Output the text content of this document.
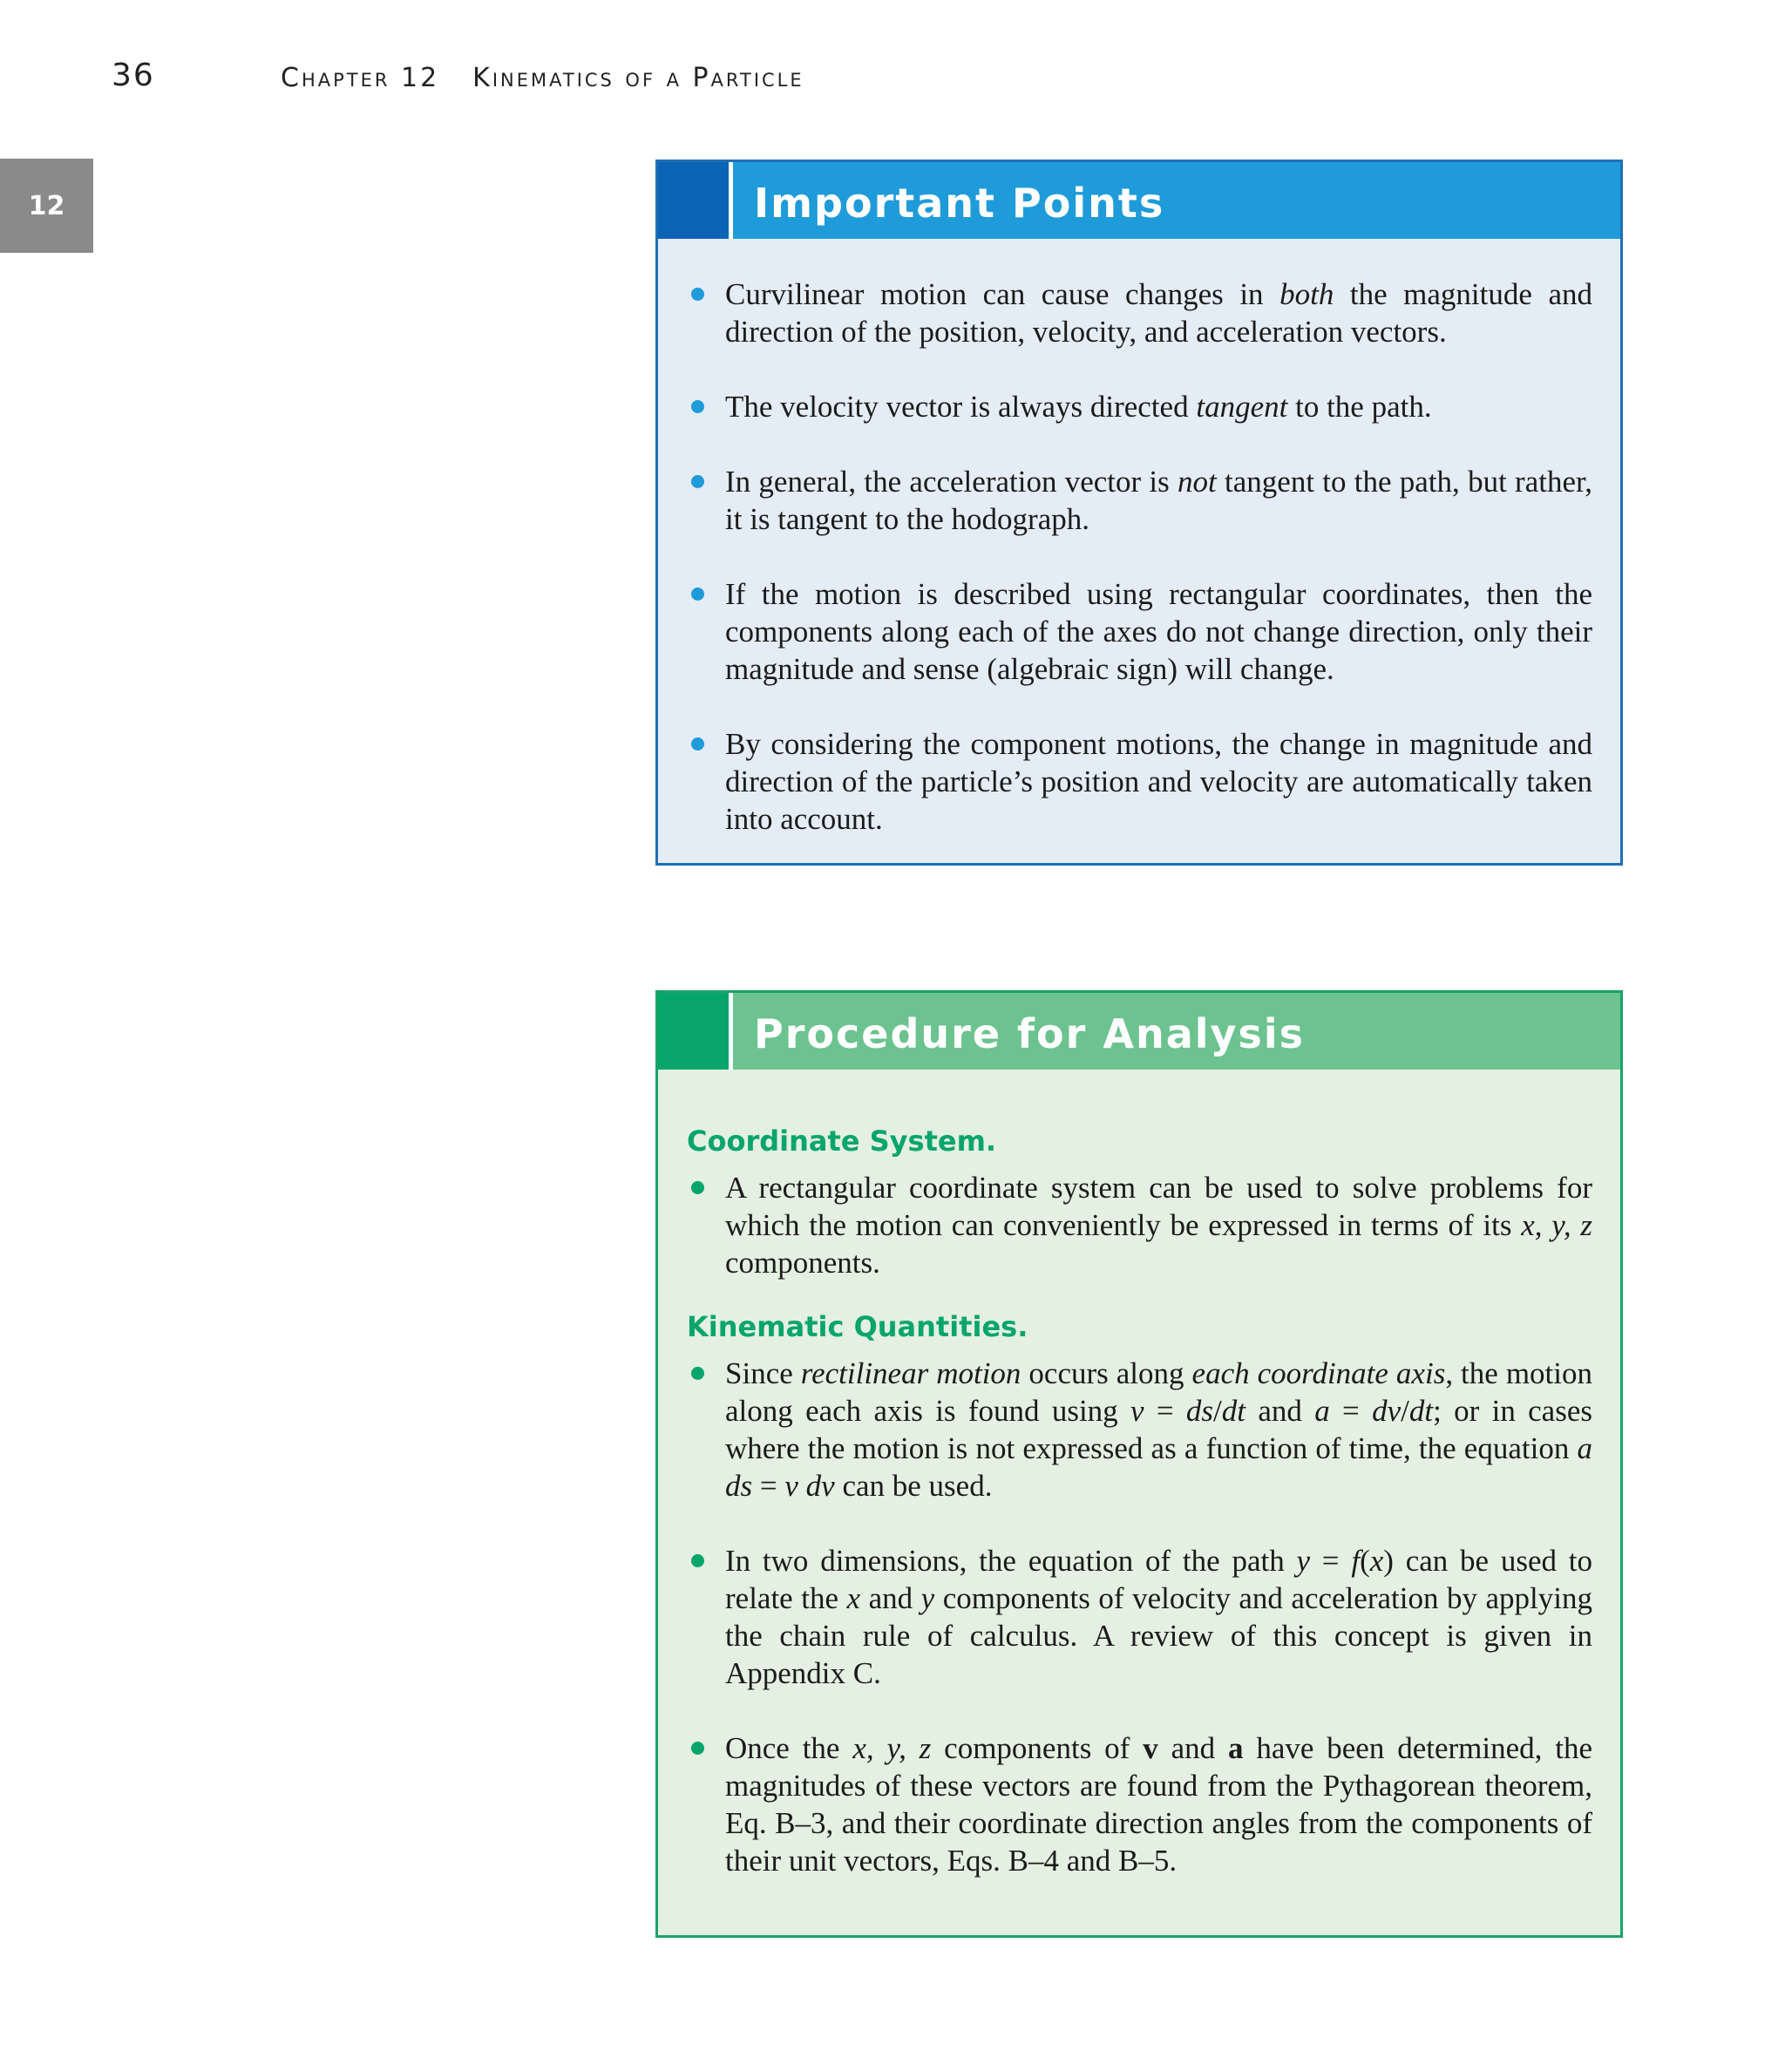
36	Chapter 12 Kinematics of a Particle
12	Important Points
Curvilinear motion can cause changes in both the magnitude and direction of the position, velocity, and acceleration vectors.
The velocity vector is always directed tangent to the path.
In general, the acceleration vector is not tangent to the path, but rather, it is tangent to the hodograph.
If the motion is described using rectangular coordinates, then the components along each of the axes do not change direction, only their magnitude and sense (algebraic sign) will change.
By considering the component motions, the change in magnitude and direction of the particle’s position and velocity are automatically taken into account.
Procedure for Analysis
Coordinate System.
A rectangular coordinate system can be used to solve problems for which the motion can conveniently be expressed in terms of its x, y, z components.
Kinematic Quantities.
Since rectilinear motion occurs along each coordinate axis, the motion along each axis is found using v = ds/dt and a = dv/dt; or in cases where the motion is not expressed as a function of time, the equation a ds = v dv can be used.
In two dimensions, the equation of the path y = f(x) can be used to relate the x and y components of velocity and acceleration by applying the chain rule of calculus. A review of this concept is given in Appendix C.
Once the x, y, z components of v and a have been determined, the magnitudes of these vectors are found from the Pythagorean theorem, Eq. B–3, and their coordinate direction angles from the components of their unit vectors, Eqs. B–4 and B–5.
